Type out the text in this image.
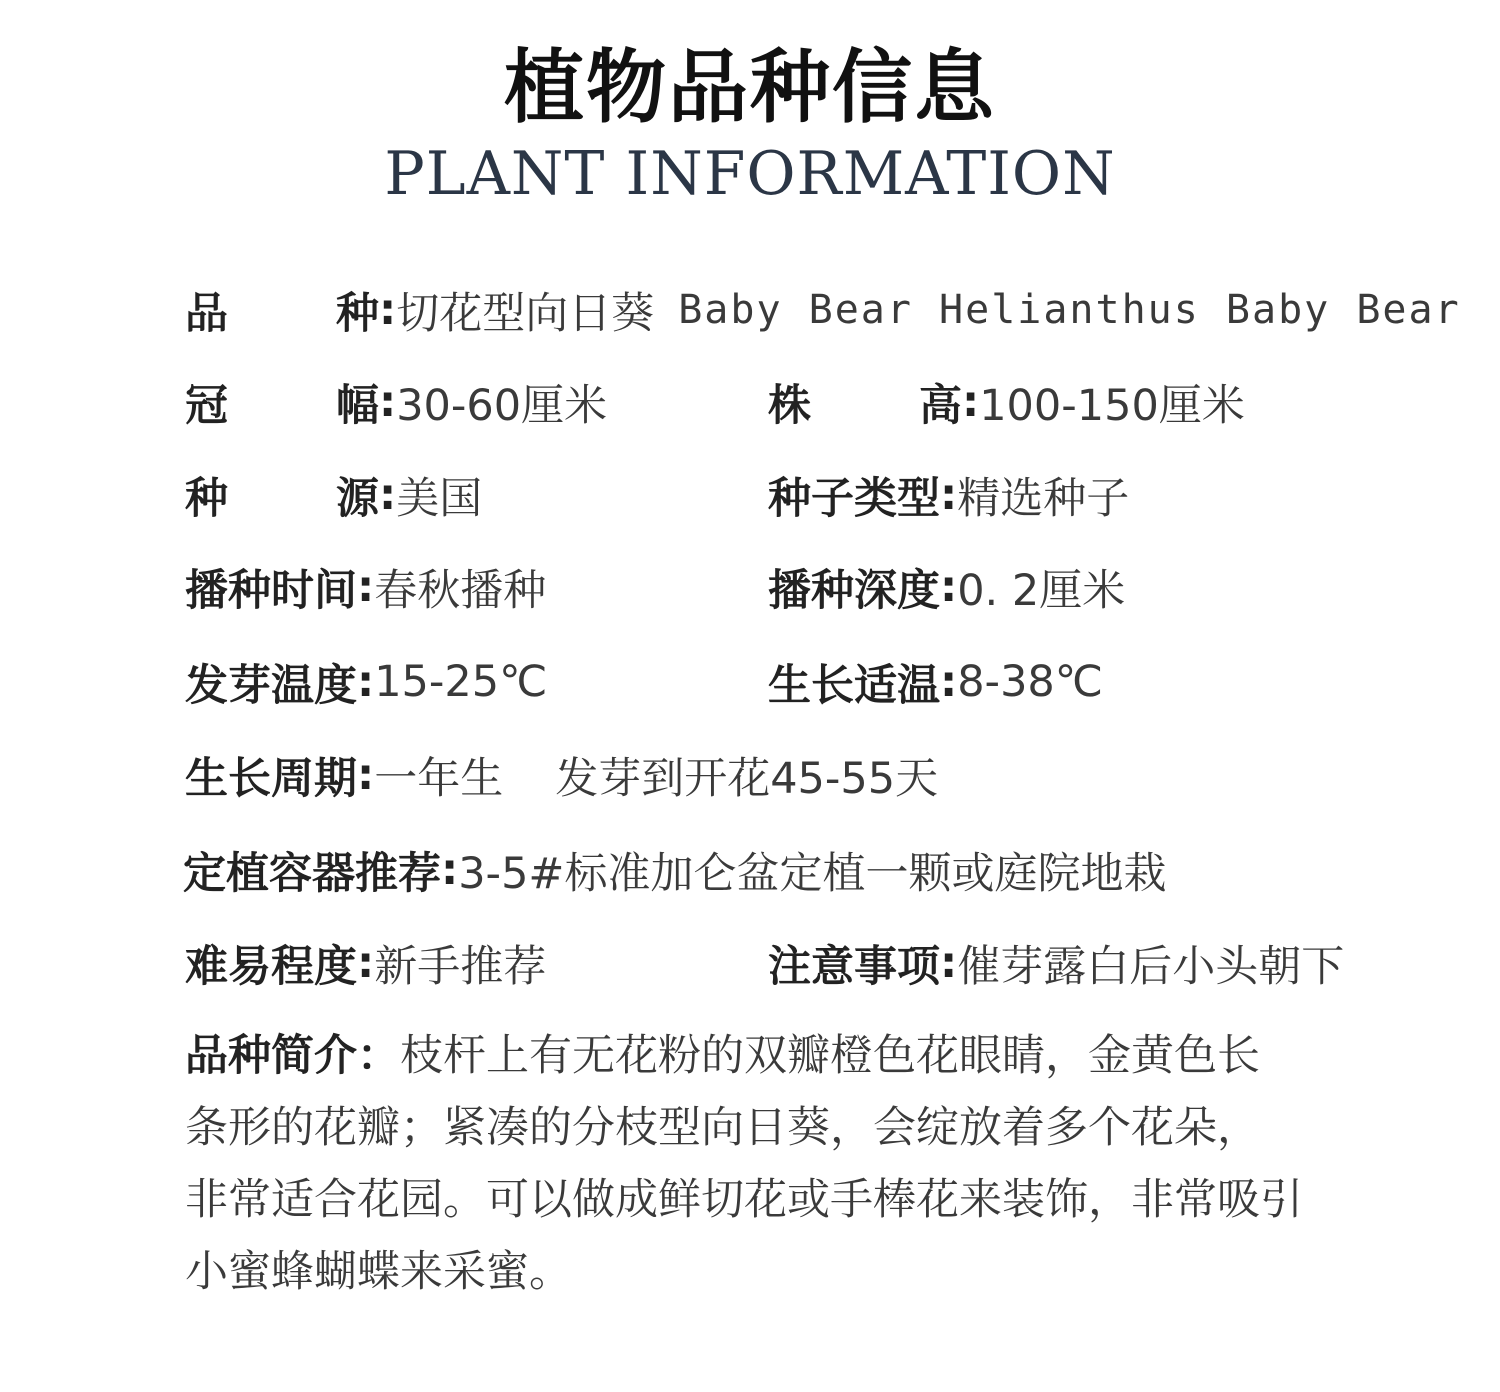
植物品种信息
PLANT INFORMATION
品	种 : 切花型向日葵 Baby Bear Helianthus Baby Bear
冠	幅 : 30-60厘米	株	高 : 100-150厘米
种	源 : 美国	种子类型 : 精选种子
播种时间 : 春秋播种	播种深度 : 0. 2厘米
发芽温度 : 15-25℃	生长适温 : 8-38℃
生长周期 : 一年生 发芽到开花45-55天
定植容器推荐 : 3-5#标准加仑盆定植一颗或庭院地栽
难易程度 : 新手推荐	注意事项 : 催芽露白后小头朝下
品种简介：枝杆上有无花粉的双瓣橙色花眼睛，金黄色长
条形的花瓣；紧凑的分枝型向日葵，会绽放着多个花朵，
非常适合花园。可以做成鲜切花或手棒花来装饰，非常吸引
小蜜蜂蝴蝶来采蜜。
